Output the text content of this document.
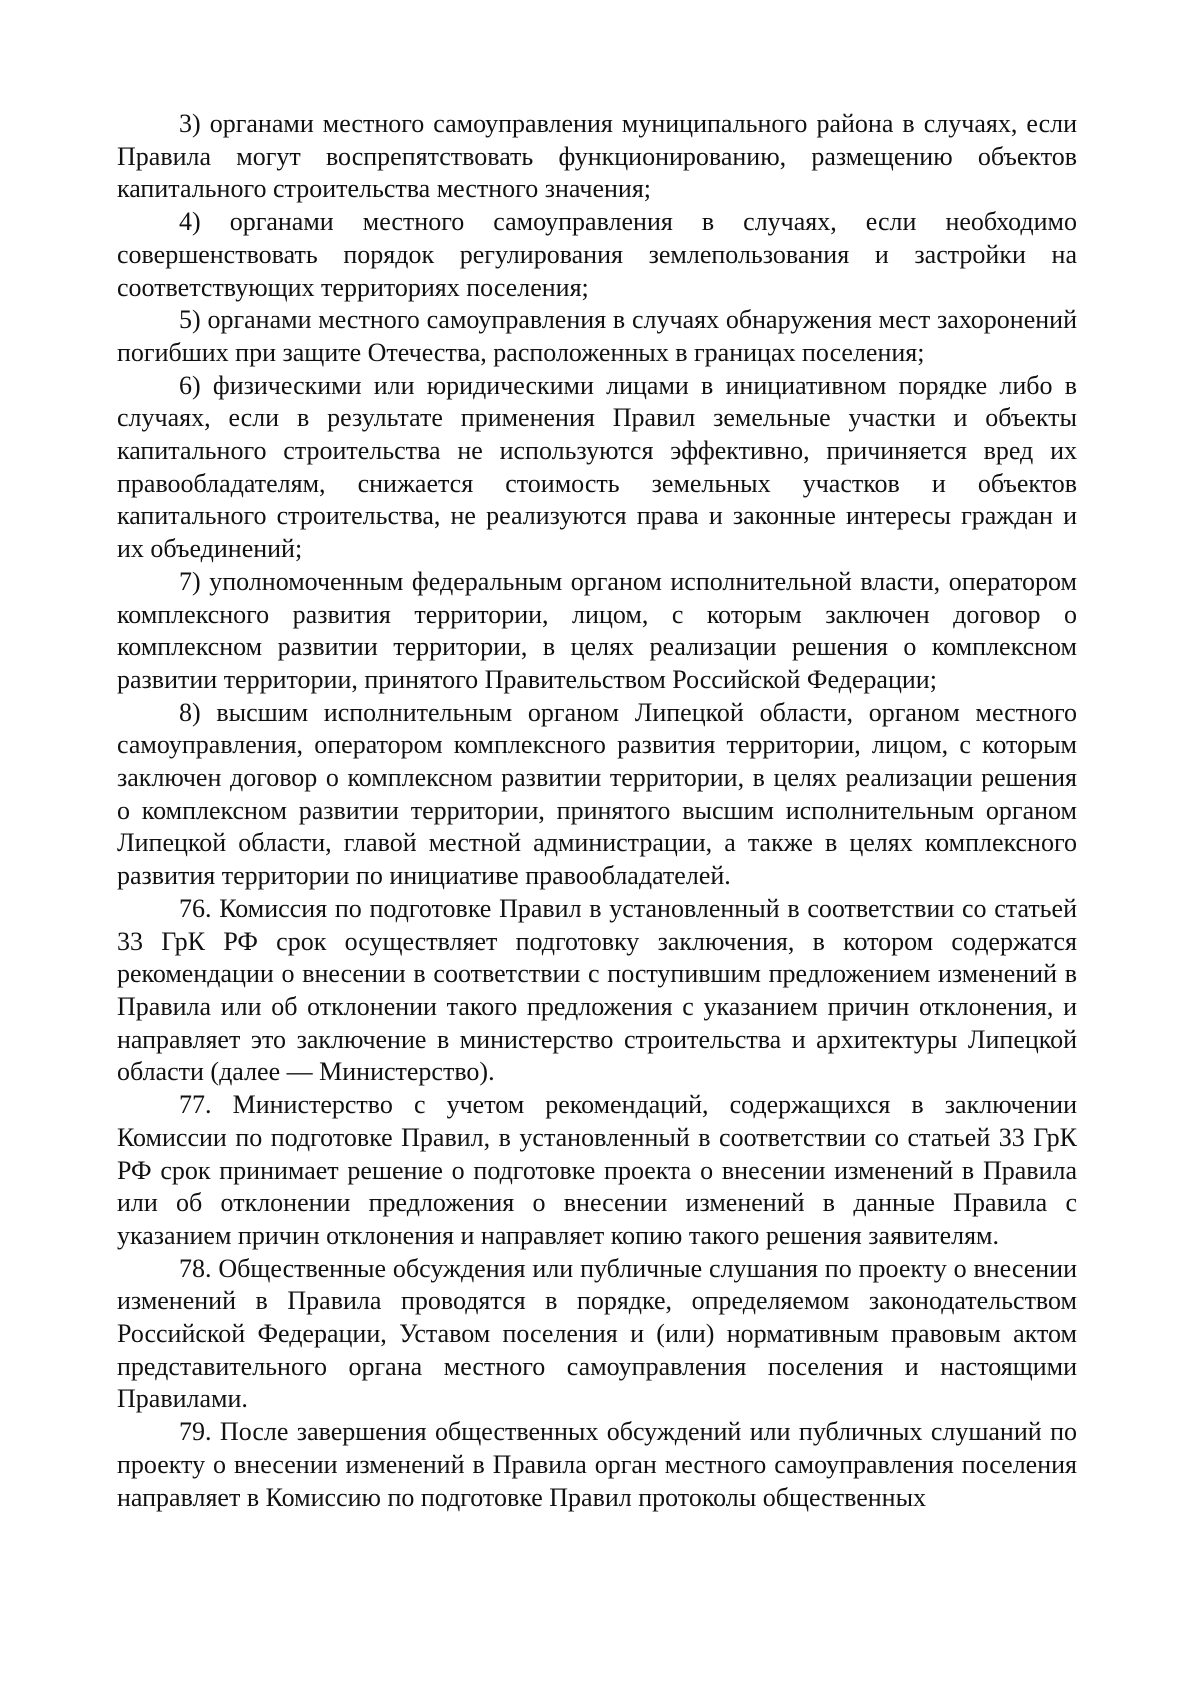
3) органами местного самоуправления муниципального района в случаях, если Правила могут воспрепятствовать функционированию, размещению объектов капитального строительства местного значения;

4) органами местного самоуправления в случаях, если необходимо совершенствовать порядок регулирования землепользования и застройки на соответствующих территориях поселения;

5) органами местного самоуправления в случаях обнаружения мест захоронений погибших при защите Отечества, расположенных в границах поселения;

6) физическими или юридическими лицами в инициативном порядке либо в случаях, если в результате применения Правил земельные участки и объекты капитального строительства не используются эффективно, причиняется вред их правообладателям, снижается стоимость земельных участков и объектов капитального строительства, не реализуются права и законные интересы граждан и их объединений;

7) уполномоченным федеральным органом исполнительной власти, оператором комплексного развития территории, лицом, с которым заключен договор о комплексном развитии территории, в целях реализации решения о комплексном развитии территории, принятого Правительством Российской Федерации;

8) высшим исполнительным органом Липецкой области, органом местного самоуправления, оператором комплексного развития территории, лицом, с которым заключен договор о комплексном развитии территории, в целях реализации решения о комплексном развитии территории, принятого высшим исполнительным органом Липецкой области, главой местной администрации, а также в целях комплексного развития территории по инициативе правообладателей.

76. Комиссия по подготовке Правил в установленный в соответствии со статьей 33 ГрК РФ срок осуществляет подготовку заключения, в котором содержатся рекомендации о внесении в соответствии с поступившим предложением изменений в Правила или об отклонении такого предложения с указанием причин отклонения, и направляет это заключение в министерство строительства и архитектуры Липецкой области (далее — Министерство).

77. Министерство с учетом рекомендаций, содержащихся в заключении Комиссии по подготовке Правил, в установленный в соответствии со статьей 33 ГрК РФ срок принимает решение о подготовке проекта о внесении изменений в Правила или об отклонении предложения о внесении изменений в данные Правила с указанием причин отклонения и направляет копию такого решения заявителям.

78. Общественные обсуждения или публичные слушания по проекту о внесении изменений в Правила проводятся в порядке, определяемом законодательством Российской Федерации, Уставом поселения и (или) нормативным правовым актом представительного органа местного самоуправления поселения и настоящими Правилами.

79. После завершения общественных обсуждений или публичных слушаний по проекту о внесении изменений в Правила орган местного самоуправления поселения направляет в Комиссию по подготовке Правил протоколы общественных
